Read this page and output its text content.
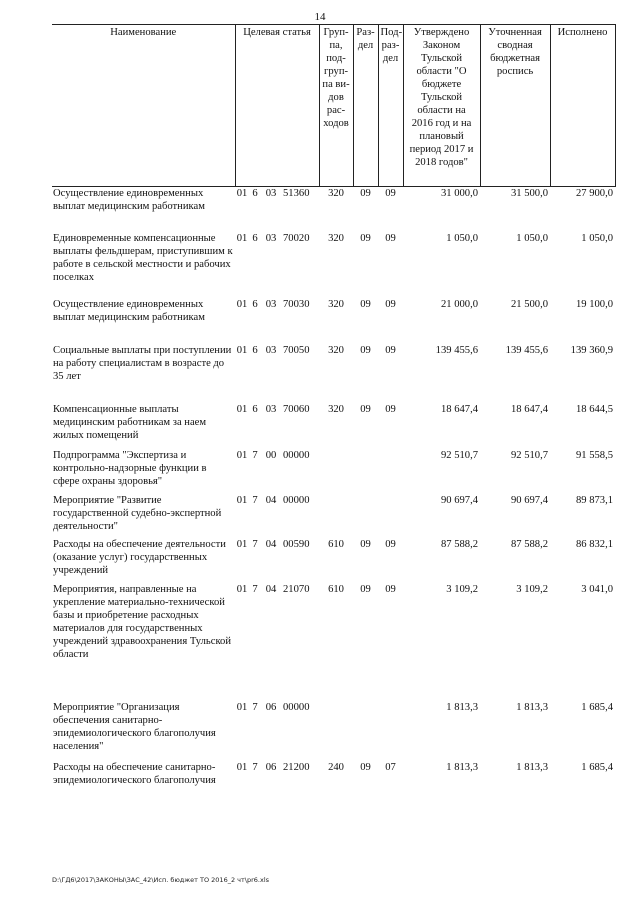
14
Наименование	Целевая статья				Груп-па, под-груп-па ви-дов рас-ходов	Раз-дел	Под-раз-дел	Утверждено Законом Тульской области "О бюджете Тульской области на 2016 год и на плановый период 2017 и 2018 годов"	Уточненная сводная бюджетная роспись	Исполнено
Осуществление единовременных выплат медицинским работникам	01	6	03	51360	320	09	09	31 000,0	31 500,0	27 900,0
Единовременные компенсационные выплаты фельдшерам, приступившим к работе в сельской местности и рабочих поселках	01	6	03	70020	320	09	09	1 050,0	1 050,0	1 050,0
Осуществление единовременных выплат медицинским работникам	01	6	03	70030	320	09	09	21 000,0	21 500,0	19 100,0
Социальные выплаты при поступлении на работу специалистам в возрасте до 35 лет	01	6	03	70050	320	09	09	139 455,6	139 455,6	139 360,9
Компенсационные выплаты медицинским работникам за наем жилых помещений	01	6	03	70060	320	09	09	18 647,4	18 647,4	18 644,5
Подпрограмма "Экспертиза и контрольно-надзорные функции в сфере охраны здоровья"	01	7	00	00000				92 510,7	92 510,7	91 558,5
Мероприятие "Развитие государственной судебно-экспертной деятельности"	01	7	04	00000				90 697,4	90 697,4	89 873,1
Расходы на обеспечение деятельности (оказание услуг) государственных учреждений	01	7	04	00590	610	09	09	87 588,2	87 588,2	86 832,1
Мероприятия, направленные на укрепление материально-технической базы и приобретение расходных материалов для государственных учреждений здравоохранения Тульской области	01	7	04	21070	610	09	09	3 109,2	3 109,2	3 041,0
Мероприятие "Организация обеспечения санитарно-эпидемиологического благополучия населения"	01	7	06	00000				1 813,3	1 813,3	1 685,4
Расходы на обеспечение санитарно-эпидемиологического благополучия	01	7	06	21200	240	09	07	1 813,3	1 813,3	1 685,4
D:\ГД6\2017\ЗАКОНЫ\ЗАС_42\Исп. бюджет ТО 2016_2 чт\pr6.xls
